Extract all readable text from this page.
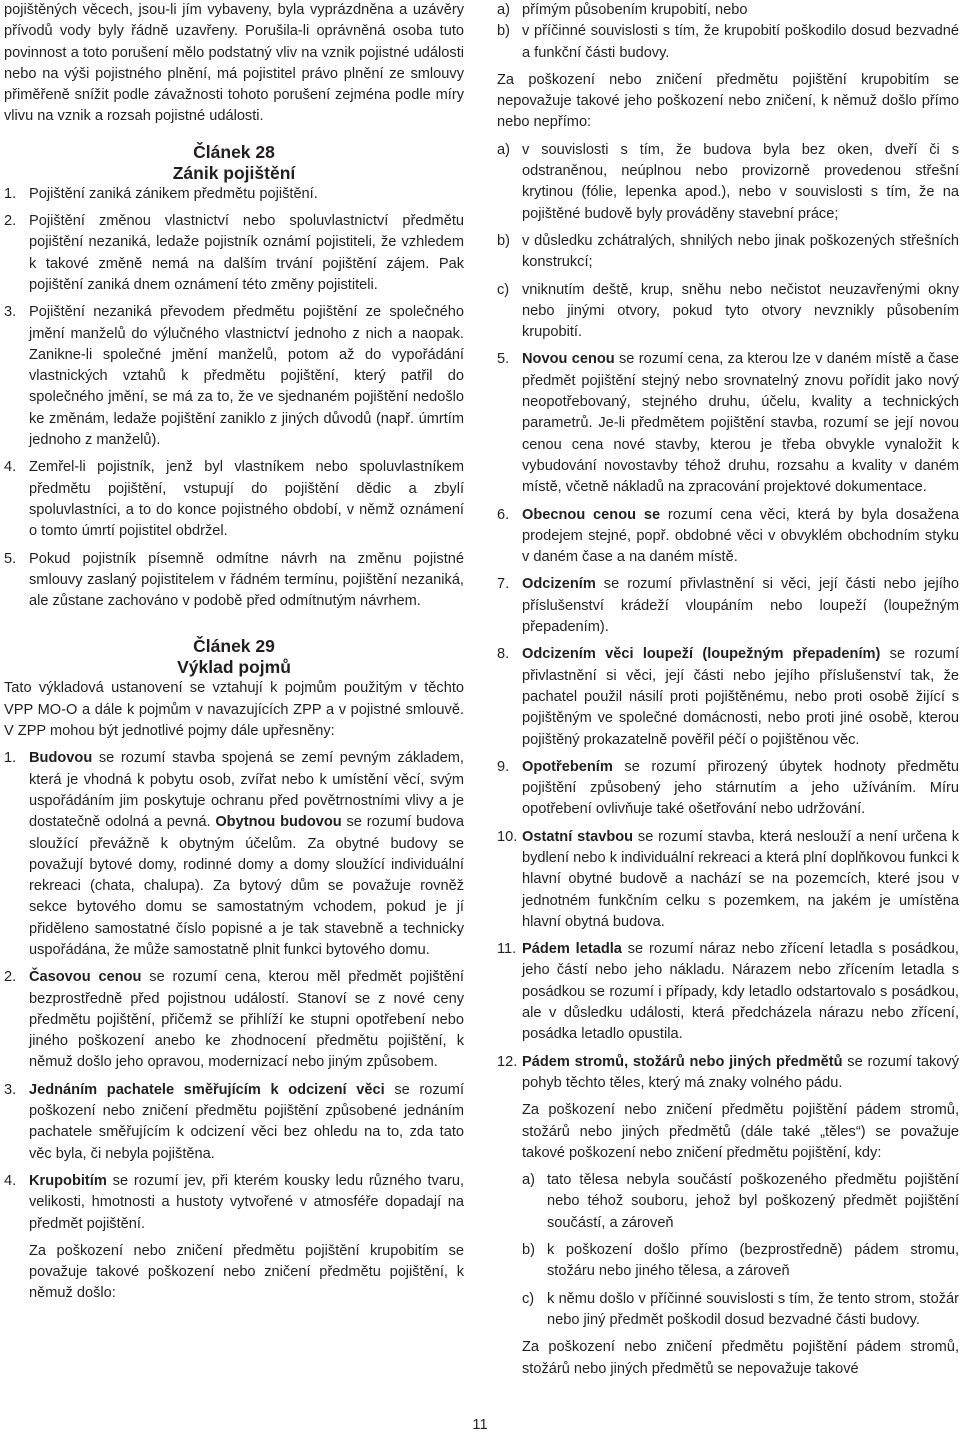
pojištěných věcech, jsou-li jím vybaveny, byla vyprázdněna a uzávěry přívodů vody byly řádně uzavřeny. Porušila-li oprávněná osoba tuto povinnost a toto porušení mělo podstatný vliv na vznik pojistné události nebo na výši pojistného plnění, má pojistitel právo plnění ze smlouvy přiměřeně snížit podle závažnosti tohoto porušení zejména podle míry vlivu na vznik a rozsah pojistné události.

Článek 28
Zánik pojištění
1. Pojištění zaniká zánikem předmětu pojištění.
2. Pojištění změnou vlastnictví nebo spoluvlastnictví předmětu pojištění nezaniká, ledaže pojistník oznámí pojistiteli, že vzhledem k takové změně nemá na dalším trvání pojištění zájem. Pak pojištění zaniká dnem oznámení této změny pojistiteli.
3. Pojištění nezaniká převodem předmětu pojištění ze společného jmění manželů do výlučného vlastnictví jednoho z nich a naopak. Zanikne-li společné jmění manželů, potom až do vypořádání vlastnických vztahů k předmětu pojištění, který patřil do společného jmění, se má za to, že ve sjednaném pojištění nedošlo ke změnám, ledaže pojištění zaniklo z jiných důvodů (např. úmrtím jednoho z manželů).
4. Zemřel-li pojistník, jenž byl vlastníkem nebo spoluvlastníkem předmětu pojištění, vstupují do pojištění dědic a zbylí spoluvlastníci, a to do konce pojistného období, v němž oznámení o tomto úmrtí pojistitel obdržel.
5. Pokud pojistník písemně odmítne návrh na změnu pojistné smlouvy zaslaný pojistitelem v řádném termínu, pojištění nezaniká, ale zůstane zachováno v podobě před odmítnutým návrhem.
Článek 29
Výklad pojmů

Tato výkladová ustanovení se vztahují k pojmům použitým v těchto VPP MO-O a dále k pojmům v navazujících ZPP a v pojistné smlouvě. V ZPP mohou být jednotlivé pojmy dále upřesněny:

1. Budovou se rozumí stavba spojená se zemí pevným základem, která je vhodná k pobytu osob, zvířat nebo k umístění věcí, svým uspořádáním jim poskytuje ochranu před povětrnostními vlivy a je dostatečně odolná a pevná. Obytnou budovou se rozumí budova sloužící převážně k obytným účelům. Za obytné budovy se považují bytové domy, rodinné domy a domy sloužící individuální rekreaci (chata, chalupa). Za bytový dům se považuje rovněž sekce bytového domu se samostatným vchodem, pokud je jí přiděleno samostatné číslo popisné a je tak stavebně a technicky uspořádána, že může samostatně plnit funkci bytového domu.
2. Časovou cenou se rozumí cena, kterou měl předmět pojištění bezprostředně před pojistnou událostí. Stanoví se z nové ceny předmětu pojištění, přičemž se přihlíží ke stupni opotřebení nebo jiného poškození anebo ke zhodnocení předmětu pojištění, k němuž došlo jeho opravou, modernizací nebo jiným způsobem.
3. Jednáním pachatele směřujícím k odcizení věci se rozumí poškození nebo zničení předmětu pojištění způsobené jednáním pachatele směřujícím k odcizení věci bez ohledu na to, zda tato věc byla, či nebyla pojištěna.
4. Krupobitím se rozumí jev, při kterém kousky ledu různého tvaru, velikosti, hmotnosti a hustoty vytvořené v atmosféře dopadají na předmět pojištění.

Za poškození nebo zničení předmětu pojištění krupobitím se považuje takové poškození nebo zničení předmětu pojištění, k němuž došlo:

a) přímým působením krupobití, nebo
b) v příčinné souvislosti s tím, že krupobití poškodilo dosud bezvadné a funkční části budovy.

Za poškození nebo zničení předmětu pojištění krupobitím se nepovažuje takové jeho poškození nebo zničení, k němuž došlo přímo nebo nepřímo:

a) v souvislosti s tím, že budova byla bez oken, dveří či s odstraněnou, neúplnou nebo provizorně provedenou střešní krytinou (fólie, lepenka apod.), nebo v souvislosti s tím, že na pojištěné budově byly prováděny stavební práce;
b) v důsledku zchátralých, shnilých nebo jinak poškozených střešních konstrukcí;
c) vniknutím deště, krup, sněhu nebo nečistot neuzavřenými okny nebo jinými otvory, pokud tyto otvory nevznikly působením krupobití.
5. Novou cenou se rozumí cena, za kterou lze v daném místě a čase předmět pojištění stejný nebo srovnatelný znovu pořídit jako nový neopotřebovaný, stejného druhu, účelu, kvality a technických parametrů. Je-li předmětem pojištění stavba, rozumí se její novou cenou cena nové stavby, kterou je třeba obvykle vynaložit k vybudování novostavby téhož druhu, rozsahu a kvality v daném místě, včetně nákladů na zpracování projektové dokumentace.
6. Obecnou cenou se rozumí cena věci, která by byla dosažena prodejem stejné, popř. obdobné věci v obvyklém obchodním styku v daném čase a na daném místě.
7. Odcizením se rozumí přivlastnění si věci, její části nebo jejího příslušenství krádeží vloupáním nebo loupeží (loupežným přepadením).
8. Odcizením věci loupeží (loupežným přepadením) se rozumí přivlastnění si věci, její části nebo jejího příslušenství tak, že pachatel použil násilí proti pojištěnému, nebo proti osobě žijící s pojištěným ve společné domácnosti, nebo proti jiné osobě, kterou pojištěný prokazatelně pověřil péčí o pojištěnou věc.
9. Opotřebením se rozumí přirozený úbytek hodnoty předmětu pojištění způsobený jeho stárnutím a jeho užíváním. Míru opotřebení ovlivňuje také ošetřování nebo udržování.
10. Ostatní stavbou se rozumí stavba, která neslouží a není určena k bydlení nebo k individuální rekreaci a která plní doplňkovou funkci k hlavní obytné budově a nachází se na pozemcích, které jsou v jednotném funkčním celku s pozemkem, na jakém je umístěna hlavní obytná budova.
11. Pádem letadla se rozumí náraz nebo zřícení letadla s posádkou, jeho částí nebo jeho nákladu. Nárazem nebo zřícením letadla s posádkou se rozumí i případy, kdy letadlo odstartovalo s posádkou, ale v důsledku události, která předcházela nárazu nebo zřícení, posádka letadlo opustila.
12. Pádem stromů, stožárů nebo jiných předmětů se rozumí takový pohyb těchto těles, který má znaky volného pádu.

Za poškození nebo zničení předmětu pojištění pádem stromů, stožárů nebo jiných předmětů (dále také „těles“) se považuje takové poškození nebo zničení předmětu pojištění, kdy:

a) tato tělesa nebyla součástí poškozeného předmětu pojištění nebo téhož souboru, jehož byl poškozený předmět pojištění součástí, a zároveň
b) k poškození došlo přímo (bezprostředně) pádem stromu, stožáru nebo jiného tělesa, a zároveň
c) k němu došlo v příčinné souvislosti s tím, že tento strom, stožár nebo jiný předmět poškodil dosud bezvadné části budovy.

Za poškození nebo zničení předmětu pojištění pádem stromů, stožárů nebo jiných předmětů se nepovažuje takové

11
